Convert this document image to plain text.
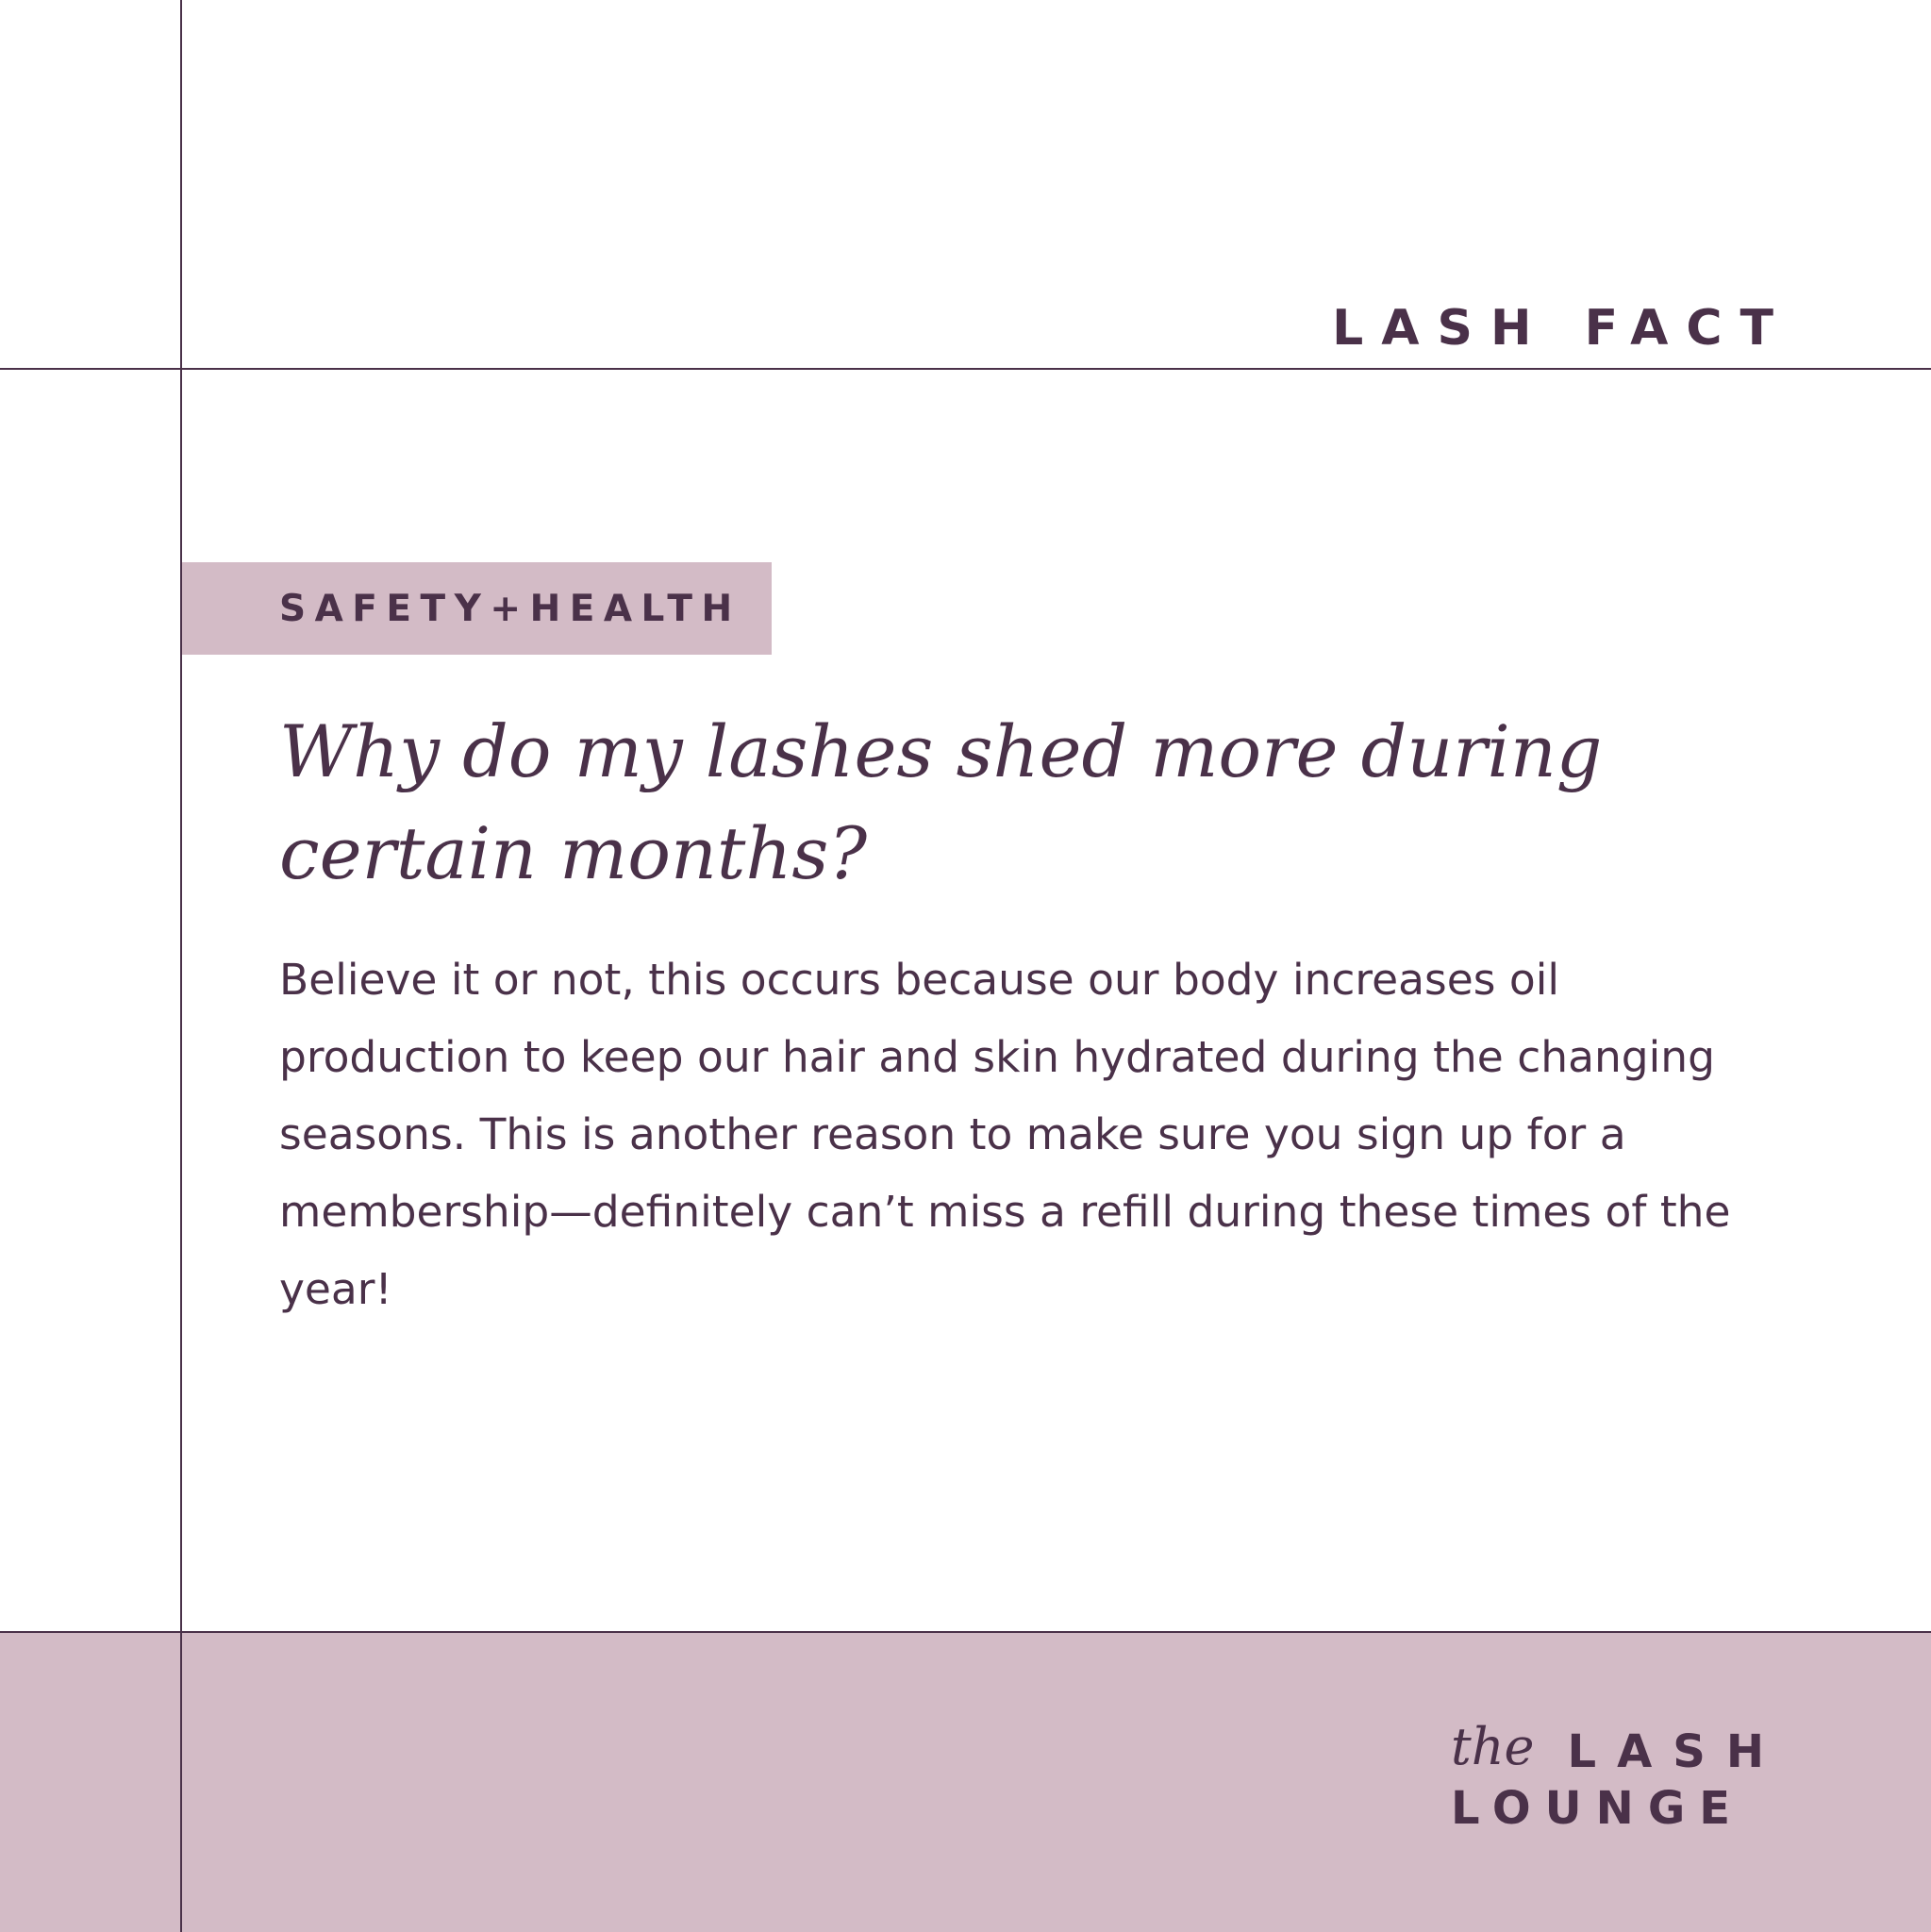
LASH FACT
SAFETY+HEALTH
Why do my lashes shed more during certain months?

Believe it or not, this occurs because our body increases oil production to keep our hair and skin hydrated during the changing seasons. This is another reason to make sure you sign up for a membership—definitely can’t miss a refill during these times of the year!

the LASH
LOUNGE
